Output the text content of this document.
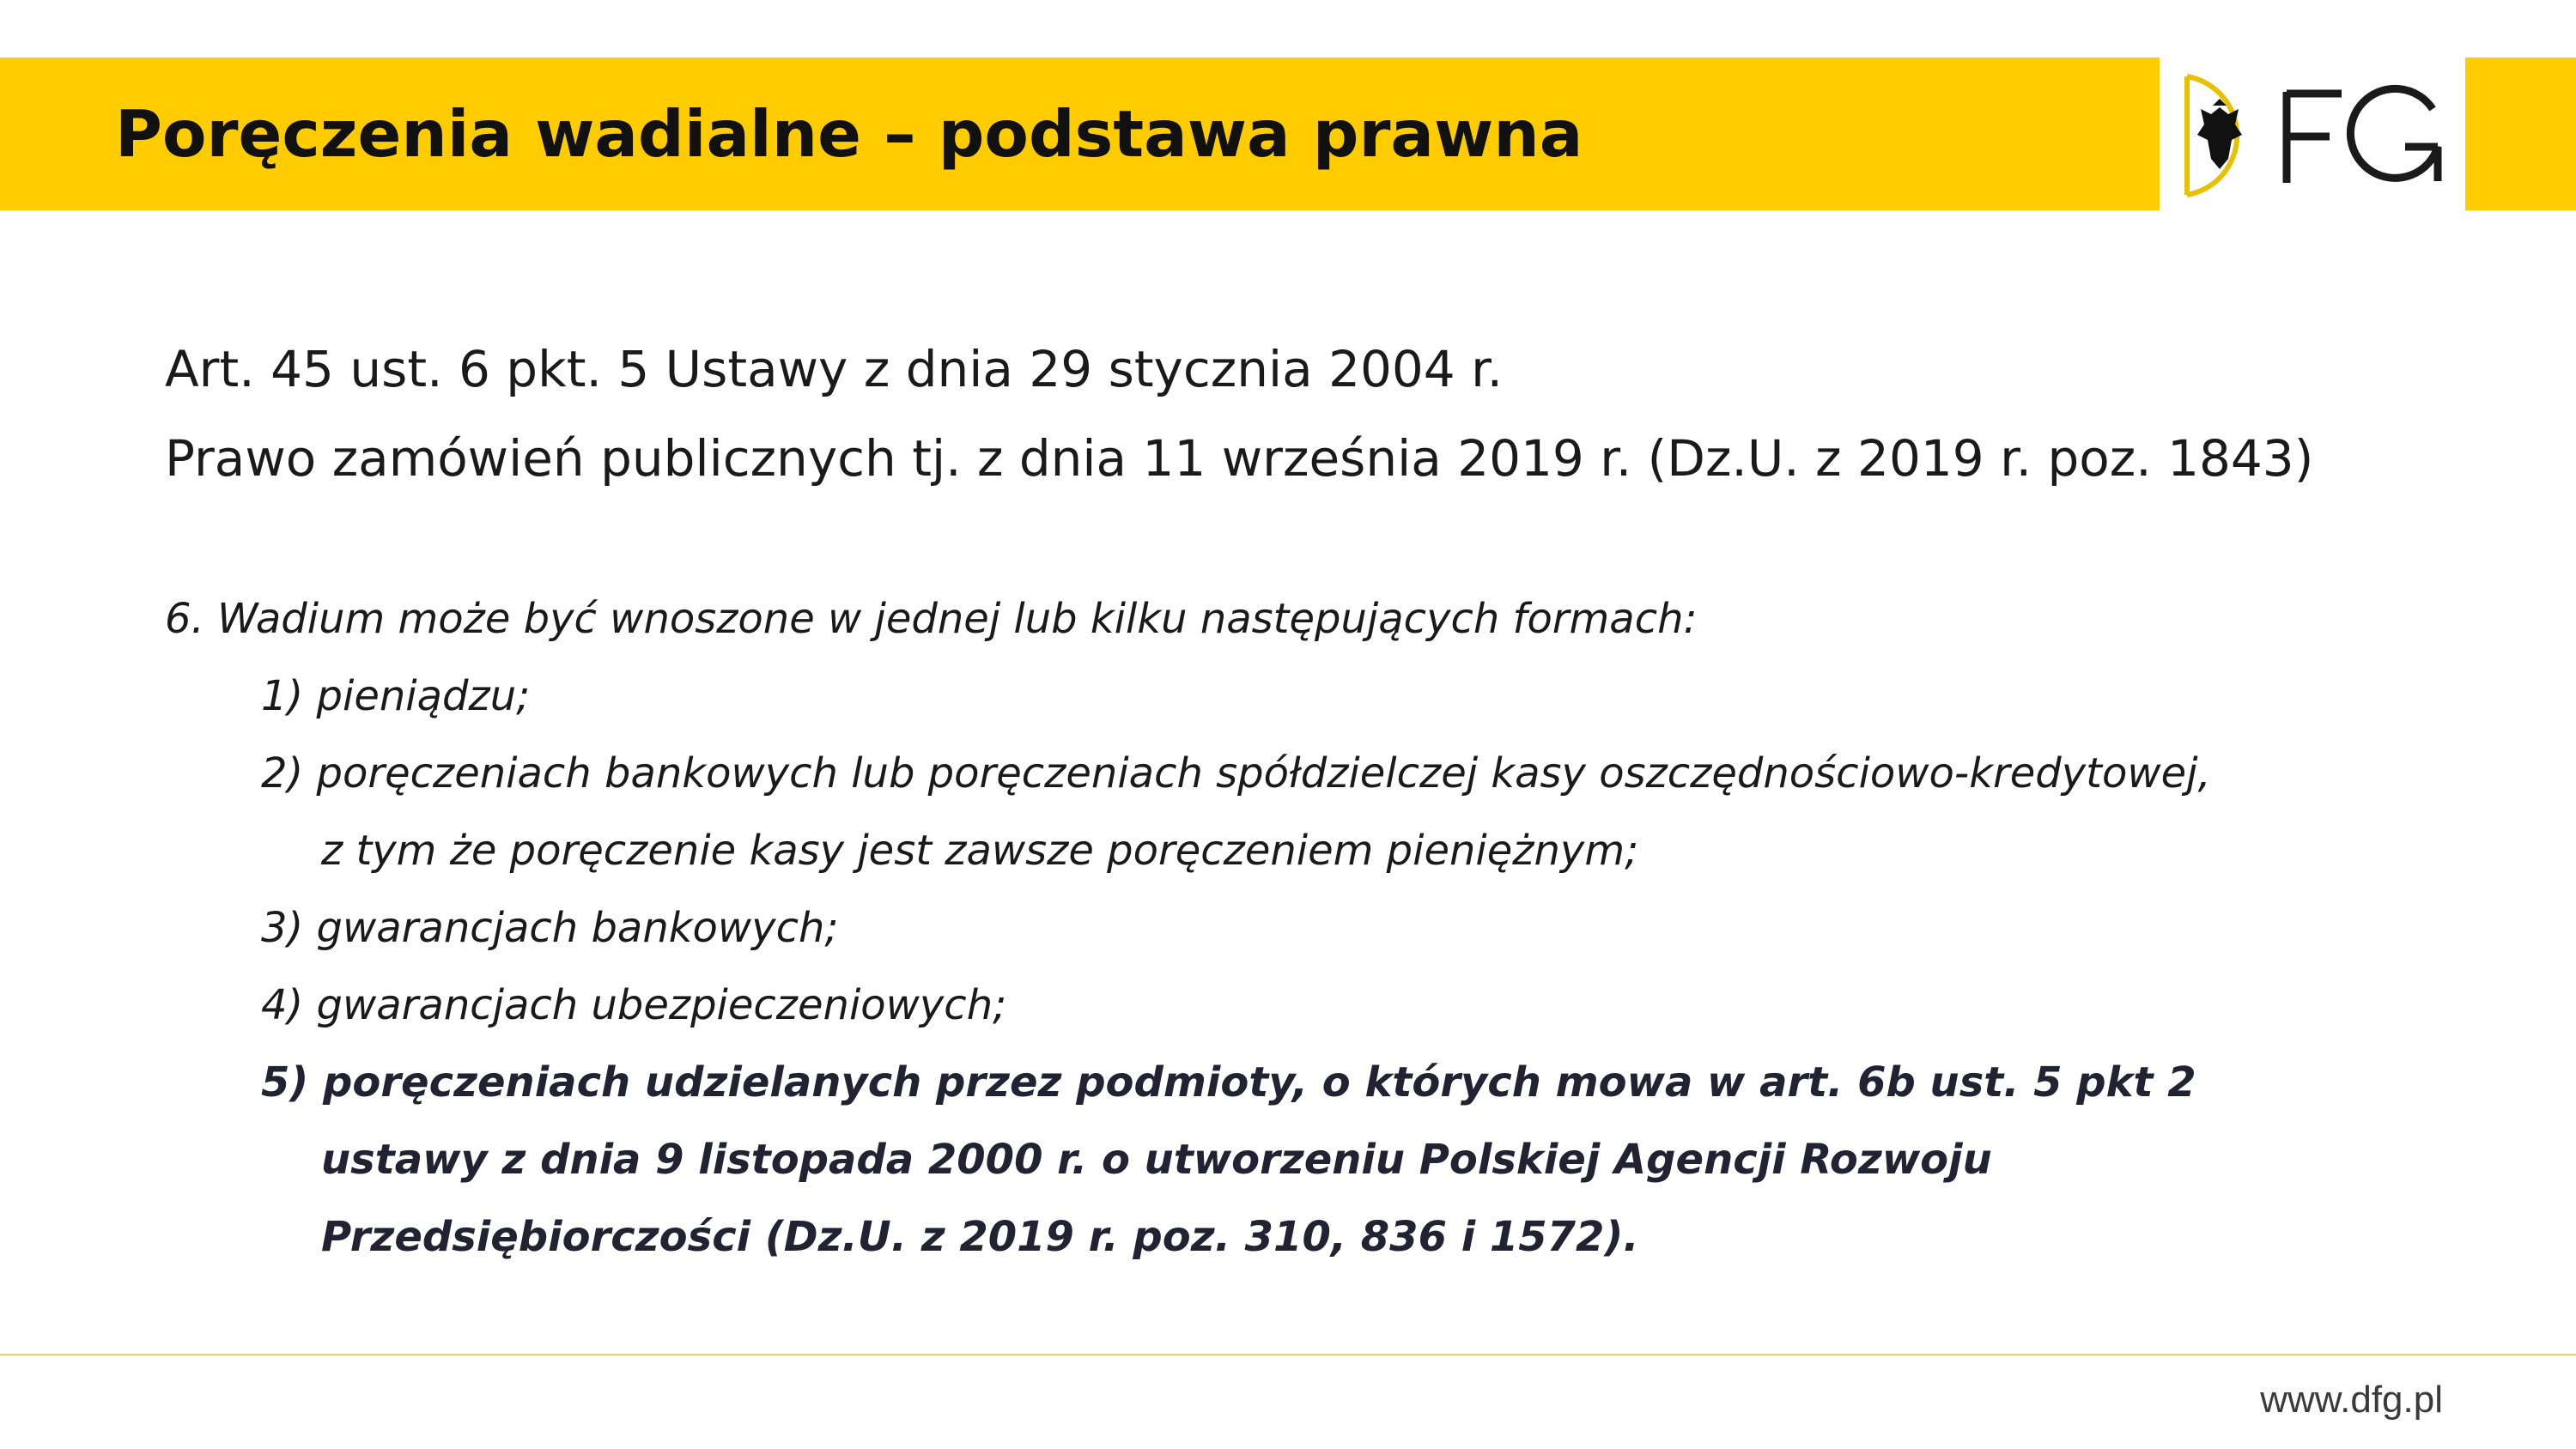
Poręczenia wadialne – podstawa prawna

Art. 45 ust. 6 pkt. 5 Ustawy z dnia 29 stycznia 2004 r.

Prawo zamówień publicznych tj. z dnia 11 września 2019 r. (Dz.U. z 2019 r. poz. 1843)

6. Wadium może być wnoszone w jednej lub kilku następujących formach:

1) pieniądzu;

2) poręczeniach bankowych lub poręczeniach spółdzielczej kasy oszczędnościowo-kredytowej,

z tym że poręczenie kasy jest zawsze poręczeniem pieniężnym;

3) gwarancjach bankowych;

4) gwarancjach ubezpieczeniowych;

5) poręczeniach udzielanych przez podmioty, o których mowa w art. 6b ust. 5 pkt 2

ustawy z dnia 9 listopada 2000 r. o utworzeniu Polskiej Agencji Rozwoju

Przedsiębiorczości (Dz.U. z 2019 r. poz. 310, 836 i 1572).

www.dfg.pl
